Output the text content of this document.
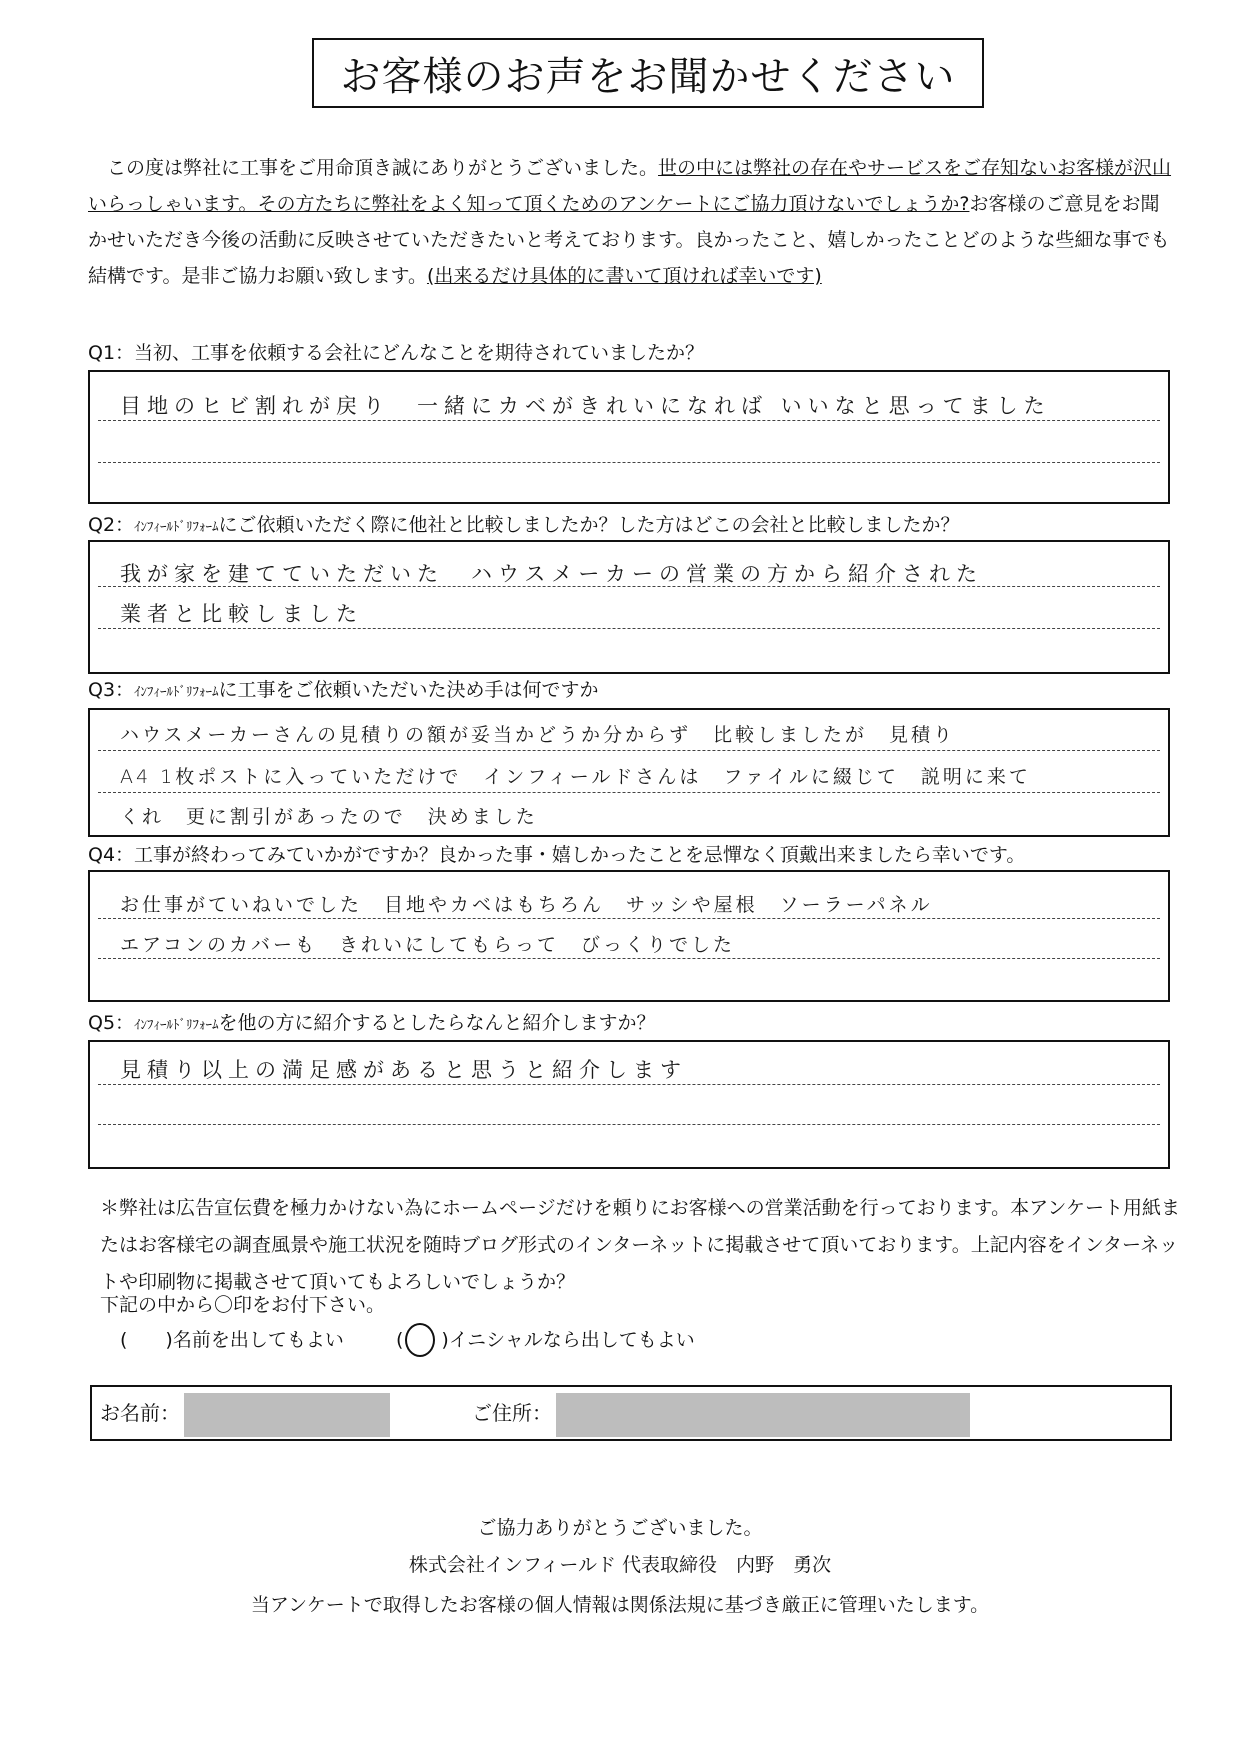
お客様のお声をお聞かせください
　この度は弊社に工事をご用命頂き誠にありがとうございました。世の中には弊社の存在やサービスをご存知ないお客様が沢山いらっしゃいます。その方たちに弊社をよく知って頂くためのアンケートにご協力頂けないでしょうか?お客様のご意見をお聞かせいただき今後の活動に反映させていただきたいと考えております。良かったこと、嬉しかったことどのような些細な事でも結構です。是非ご協力お願い致します。(出来るだけ具体的に書いて頂ければ幸いです)
Q1：当初、工事を依頼する会社にどんなことを期待されていましたか？
目地のヒビ割れが戻り　一緒にカベがきれいになれば いいなと思ってました
Q2：ｲﾝﾌｨｰﾙﾄﾞﾘﾌｫｰﾑにご依頼いただく際に他社と比較しましたか？した方はどこの会社と比較しましたか？
我が家を建てていただいた　ハウスメーカーの営業の方から紹介された
業者と比較しました
Q3：ｲﾝﾌｨｰﾙﾄﾞﾘﾌｫｰﾑに工事をご依頼いただいた決め手は何ですか
ハウスメーカーさんの見積りの額が妥当かどうか分からず　比較しましたが　見積り
A4 1枚ポストに入っていただけで　インフィールドさんは　ファイルに綴じて　説明に来て
くれ　更に割引があったので　決めました
Q4：工事が終わってみていかがですか？良かった事・嬉しかったことを忌憚なく頂戴出来ましたら幸いです。
お仕事がていねいでした　目地やカベはもちろん　サッシや屋根　ソーラーパネル
エアコンのカバーも　きれいにしてもらって　びっくりでした
Q5：ｲﾝﾌｨｰﾙﾄﾞﾘﾌｫｰﾑを他の方に紹介するとしたらなんと紹介しますか？
見積り以上の満足感があると思うと紹介します
＊弊社は広告宣伝費を極力かけない為にホームページだけを頼りにお客様への営業活動を行っております。本アンケート用紙またはお客様宅の調査風景や施工状況を随時ブログ形式のインターネットに掲載させて頂いております。上記内容をインターネットや印刷物に掲載させて頂いてもよろしいでしょうか？
下記の中から〇印をお付下さい。
(　　)名前を出してもよい	(　　)イニシャルなら出してもよい
お名前：	ご住所：
ご協力ありがとうございました。
株式会社インフィールド 代表取締役　内野　勇次
当アンケートで取得したお客様の個人情報は関係法規に基づき厳正に管理いたします。
